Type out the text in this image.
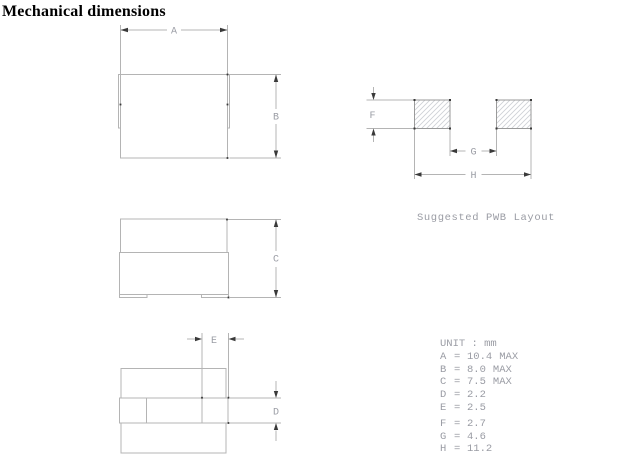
Mechanical dimensions
A
B
C
E
D
F
G
H
Suggested PWB Layout
UNIT : mm
A = 10.4 MAX
B = 8.0 MAX
C = 7.5 MAX
D = 2.2
E = 2.5
F = 2.7
G = 4.6
H = 11.2
